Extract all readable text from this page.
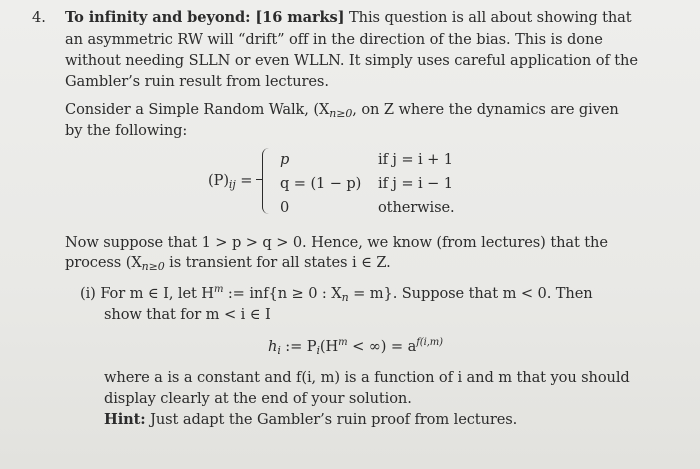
4. To infinity and beyond: [16 marks] This question is all about showing that
an asymmetric RW will “drift” off in the direction of the bias. This is done
without needing SLLN or even WLLN. It simply uses careful application of the
Gambler’s ruin result from lectures.
Consider a Simple Random Walk, ($X_{n\ge 0}$, on Z where the dynamics are given
by the following:
$(P)_{ij}$ =
p	if j = i + 1
q = (1 − p) if j = i − 1
0	otherwise.
Now suppose that 1 > p > q > 0. Hence, we know (from lectures) that the
process ($X_{n\ge 0}$ is transient for all states i ∈ Z.
(i) For m ∈ I, let $H^m$ := inf{n ≥ 0 : $X_n = m$}. Suppose that m < 0. Then
show that for m < i ∈ I
$h_i$ := $P_i(H^m$ < ∞) = $a^{f(i,m)}$
where a is a constant and f(i, m) is a function of i and m that you should
display clearly at the end of your solution.
Hint: Just adapt the Gambler’s ruin proof from lectures.
